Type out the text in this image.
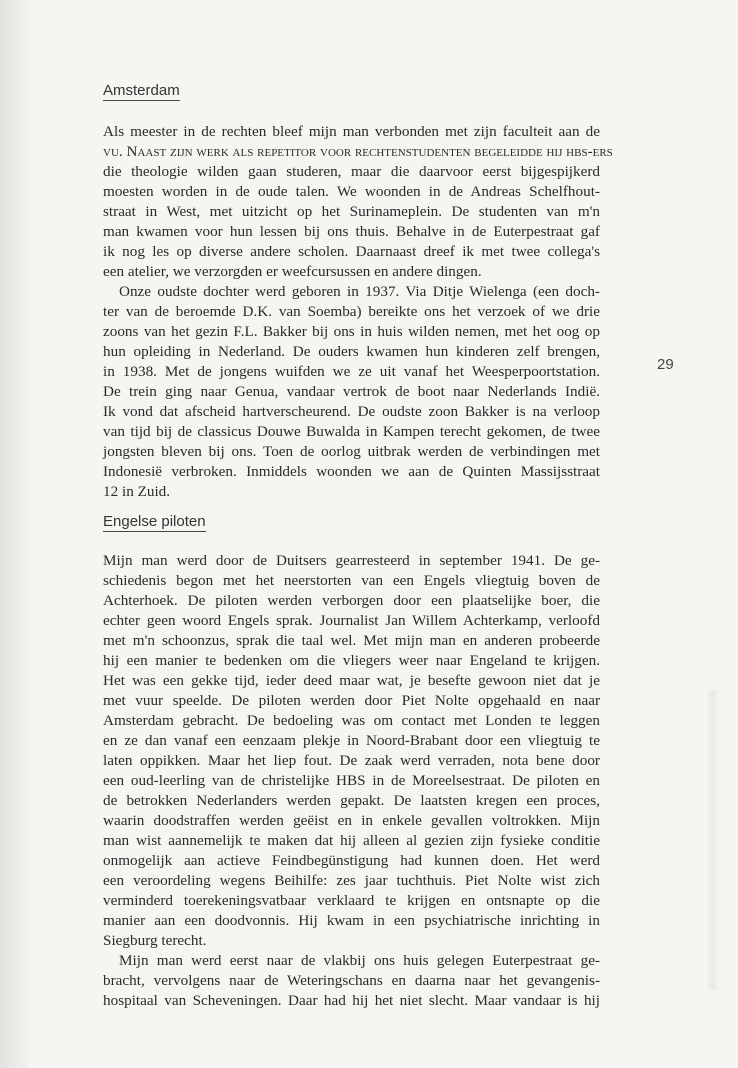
Amsterdam
Als meester in de rechten bleef mijn man verbonden met zijn faculteit aan de
vu. Naast zijn werk als repetitor voor rechtenstudenten begeleidde hij hbs-ers
die theologie wilden gaan studeren, maar die daarvoor eerst bijgespijkerd
moesten worden in de oude talen. We woonden in de Andreas Schelfhout-
straat in West, met uitzicht op het Surinameplein. De studenten van m'n
man kwamen voor hun lessen bij ons thuis. Behalve in de Euterpestraat gaf
ik nog les op diverse andere scholen. Daarnaast dreef ik met twee collega's
een atelier, we verzorgden er weefcursussen en andere dingen.
Onze oudste dochter werd geboren in 1937. Via Ditje Wielenga (een doch-
ter van de beroemde D.K. van Soemba) bereikte ons het verzoek of we drie
zoons van het gezin F.L. Bakker bij ons in huis wilden nemen, met het oog op
hun opleiding in Nederland. De ouders kwamen hun kinderen zelf brengen,
in 1938. Met de jongens wuifden we ze uit vanaf het Weesperpoortstation.
De trein ging naar Genua, vandaar vertrok de boot naar Nederlands Indië.
Ik vond dat afscheid hartverscheurend. De oudste zoon Bakker is na verloop
van tijd bij de classicus Douwe Buwalda in Kampen terecht gekomen, de twee
jongsten bleven bij ons. Toen de oorlog uitbrak werden de verbindingen met
Indonesië verbroken. Inmiddels woonden we aan de Quinten Massijsstraat
12 in Zuid.
Engelse piloten
Mijn man werd door de Duitsers gearresteerd in september 1941. De ge-
schiedenis begon met het neerstorten van een Engels vliegtuig boven de
Achterhoek. De piloten werden verborgen door een plaatselijke boer, die
echter geen woord Engels sprak. Journalist Jan Willem Achterkamp, verloofd
met m'n schoonzus, sprak die taal wel. Met mijn man en anderen probeerde
hij een manier te bedenken om die vliegers weer naar Engeland te krijgen.
Het was een gekke tijd, ieder deed maar wat, je besefte gewoon niet dat je
met vuur speelde. De piloten werden door Piet Nolte opgehaald en naar
Amsterdam gebracht. De bedoeling was om contact met Londen te leggen
en ze dan vanaf een eenzaam plekje in Noord-Brabant door een vliegtuig te
laten oppikken. Maar het liep fout. De zaak werd verraden, nota bene door
een oud-leerling van de christelijke HBS in de Moreelsestraat. De piloten en
de betrokken Nederlanders werden gepakt. De laatsten kregen een proces,
waarin doodstraffen werden geëist en in enkele gevallen voltrokken. Mijn
man wist aannemelijk te maken dat hij alleen al gezien zijn fysieke conditie
onmogelijk aan actieve Feindbegünstigung had kunnen doen. Het werd
een veroordeling wegens Beihilfe: zes jaar tuchthuis. Piet Nolte wist zich
verminderd toerekeningsvatbaar verklaard te krijgen en ontsnapte op die
manier aan een doodvonnis. Hij kwam in een psychiatrische inrichting in
Siegburg terecht.
Mijn man werd eerst naar de vlakbij ons huis gelegen Euterpestraat ge-
bracht, vervolgens naar de Weteringschans en daarna naar het gevangenis-
hospitaal van Scheveningen. Daar had hij het niet slecht. Maar vandaar is hij
29
